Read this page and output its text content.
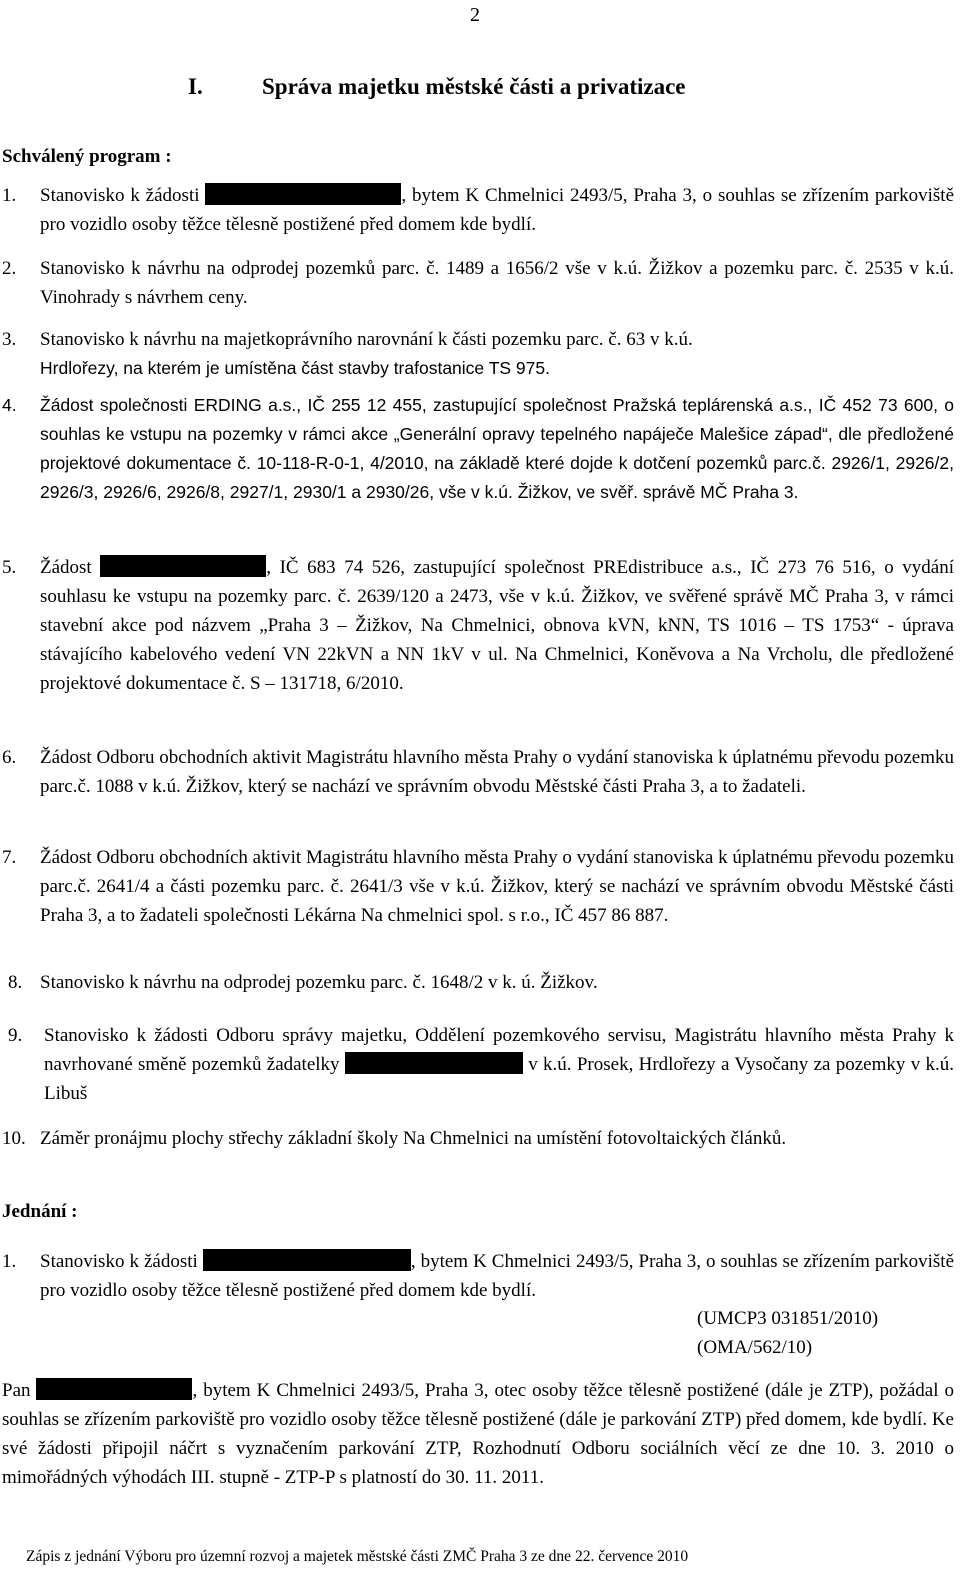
2
I.	Správa majetku městské části a privatizace
Schválený program :
1. Stanovisko k žádosti	, bytem K Chmelnici 2493/5, Praha 3, o souhlas se zřízením parkoviště pro vozidlo osoby těžce tělesně postižené před domem kde bydlí.
2. Stanovisko k návrhu na odprodej pozemků parc. č. 1489 a 1656/2 vše v k.ú. Žižkov a pozemku parc. č. 2535 v k.ú. Vinohrady s návrhem ceny.
3. Stanovisko k návrhu na majetkoprávního narovnání k části pozemku parc. č. 63 v k.ú.
Hrdlořezy, na kterém je umístěna část stavby trafostanice TS 975.
4. Žádost společnosti ERDING a.s., IČ 255 12 455, zastupující společnost Pražská teplárenská a.s., IČ 452 73 600, o souhlas ke vstupu na pozemky v rámci akce „Generální opravy tepelného napáječe Malešice západ“, dle předložené projektové dokumentace č. 10-118-R-0-1, 4/2010, na základě které dojde k dotčení pozemků parc.č. 2926/1, 2926/2, 2926/3, 2926/6, 2926/8, 2927/1, 2930/1 a 2930/26, vše v k.ú. Žižkov, ve svěř. správě MČ Praha 3.
5. Žádost	, IČ 683 74 526, zastupující společnost PREdistribuce a.s., IČ 273 76 516, o vydání souhlasu ke vstupu na pozemky parc. č. 2639/120 a 2473, vše v k.ú. Žižkov, ve svěřené správě MČ Praha 3, v rámci stavební akce pod názvem „Praha 3 – Žižkov, Na Chmelnici, obnova kVN, kNN, TS 1016 – TS 1753“ - úprava stávajícího kabelového vedení VN 22kVN a NN 1kV v ul. Na Chmelnici, Koněvova a Na Vrcholu, dle předložené projektové dokumentace č. S – 131718, 6/2010.
6. Žádost Odboru obchodních aktivit Magistrátu hlavního města Prahy o vydání stanoviska k úplatnému převodu pozemku parc.č. 1088 v k.ú. Žižkov, který se nachází ve správním obvodu Městské části Praha 3, a to žadateli.
7. Žádost Odboru obchodních aktivit Magistrátu hlavního města Prahy o vydání stanoviska k úplatnému převodu pozemku parc.č. 2641/4 a části pozemku parc. č. 2641/3 vše v k.ú. Žižkov, který se nachází ve správním obvodu Městské části Praha 3, a to žadateli společnosti Lékárna Na chmelnici spol. s r.o., IČ 457 86 887.
8. Stanovisko k návrhu na odprodej pozemku parc. č. 1648/2 v k. ú. Žižkov.
9. Stanovisko k žádosti Odboru správy majetku, Oddělení pozemkového servisu, Magistrátu hlavního města Prahy k navrhované směně pozemků žadatelky	v k.ú. Prosek, Hrdlořezy a Vysočany za pozemky v k.ú. Libuš
10. Záměr pronájmu plochy střechy základní školy Na Chmelnici na umístění fotovoltaických článků.
Jednání :
1. Stanovisko k žádosti	, bytem K Chmelnici 2493/5, Praha 3, o souhlas se zřízením parkoviště pro vozidlo osoby těžce tělesně postižené před domem kde bydlí.
(UMCP3 031851/2010)
(OMA/562/10)
Pan	, bytem K Chmelnici 2493/5, Praha 3, otec osoby těžce tělesně postižené (dále je ZTP), požádal o souhlas se zřízením parkoviště pro vozidlo osoby těžce tělesně postižené (dále je parkování ZTP) před domem, kde bydlí. Ke své žádosti připojil náčrt s vyznačením parkování ZTP, Rozhodnutí Odboru sociálních věcí ze dne 10. 3. 2010 o mimořádných výhodách III. stupně - ZTP-P s platností do 30. 11. 2011.
Zápis z jednání Výboru pro územní rozvoj a majetek městské části ZMČ Praha 3 ze dne 22. července 2010
